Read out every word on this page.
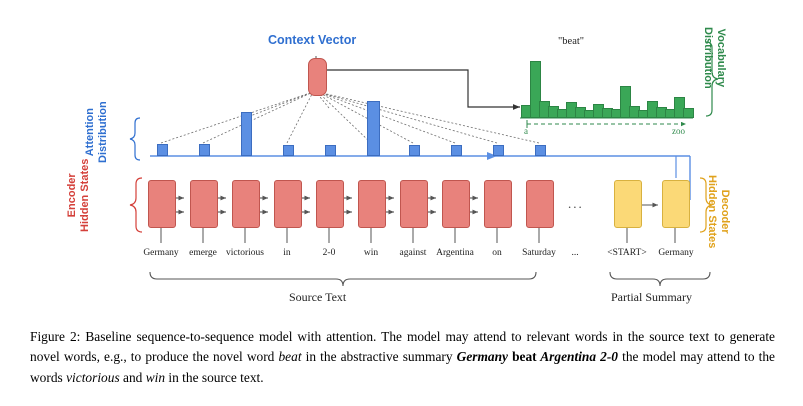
Context Vector
...
Germany	emerge victorious	in	2-0	win	against	Argentina	on	Saturday	...	<START>	Germany
"beat"
a	zoo
Attention
Distribution
Encoder
Hidden States	Decoder
Hidden States
Vocabulary
Distribution
Source Text	Partial Summary
Figure 2: Baseline sequence-to-sequence model with attention. The model may attend to relevant words in the source text to generate novel words, e.g., to produce the novel word beat in the abstractive summary Germany beat Argentina 2-0 the model may attend to the words victorious and win in the source text.
